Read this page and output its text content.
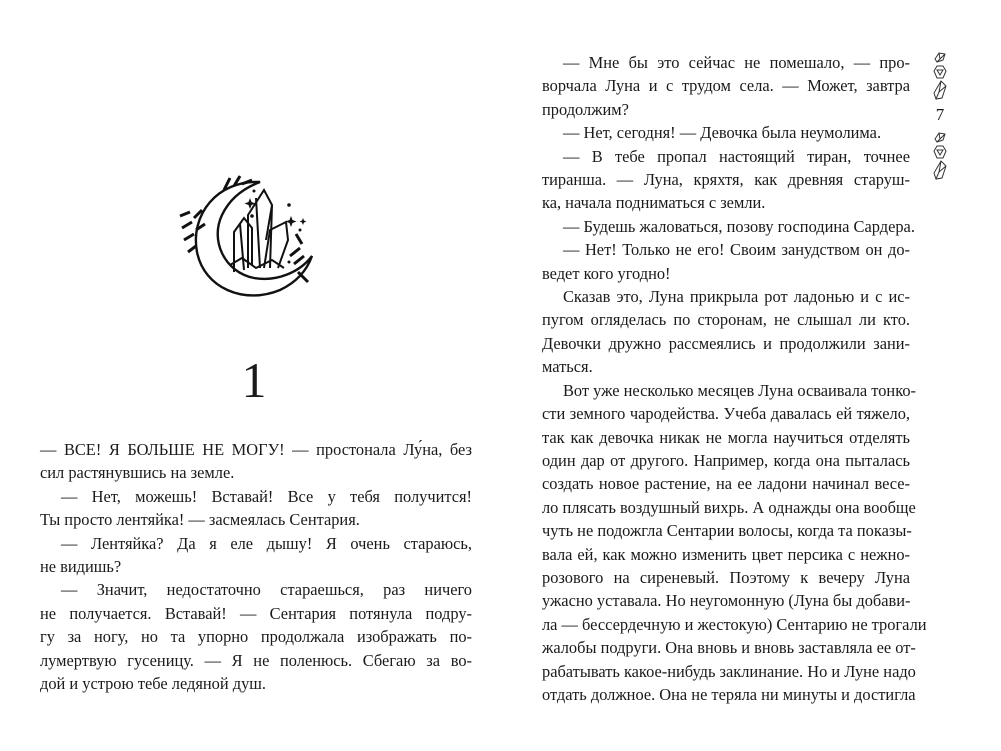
1
— ВСЕ! Я БОЛЬШЕ НЕ МОГУ! — простонала Лу́на, без
сил растянувшись на земле.
— Нет, можешь! Вставай! Все у тебя получится!
Ты просто лентяйка! — засмеялась Сентария.
— Лентяйка? Да я еле дышу! Я очень стараюсь,
не видишь?
— Значит, недостаточно стараешься, раз ничего
не получается. Вставай! — Сентария потянула подру-
гу за ногу, но та упорно продолжала изображать по-
лумертвую гусеницу. — Я не поленюсь. Сбегаю за во-
дой и устрою тебе ледяной душ.
— Мне бы это сейчас не помешало, — про-
ворчала Луна и с трудом села. — Может, завтра
продолжим?
— Нет, сегодня! — Девочка была неумолима.
— В тебе пропал настоящий тиран, точнее
тиранша. — Луна, кряхтя, как древняя старуш-
ка, начала подниматься с земли.
— Будешь жаловаться, позову господина Сардера.
— Нет! Только не его! Своим занудством он до-
ведет кого угодно!
Сказав это, Луна прикрыла рот ладонью и с ис-
пугом огляделась по сторонам, не слышал ли кто.
Девочки дружно рассмеялись и продолжили зани-
маться.
Вот уже несколько месяцев Луна осваивала тонко-
сти земного чародейства. Учеба давалась ей тяжело,
так как девочка никак не могла научиться отделять
один дар от другого. Например, когда она пыталась
создать новое растение, на ее ладони начинал весе-
ло плясать воздушный вихрь. А однажды она вообще
чуть не подожгла Сентарии волосы, когда та показы-
вала ей, как можно изменить цвет персика с нежно-
розового на сиреневый. Поэтому к вечеру Луна
ужасно уставала. Но неугомонную (Луна бы добави-
ла — бессердечную и жестокую) Сентарию не трогали
жалобы подруги. Она вновь и вновь заставляла ее от-
рабатывать какое-нибудь заклинание. Но и Луне надо
отдать должное. Она не теряла ни минуты и достигла
7
